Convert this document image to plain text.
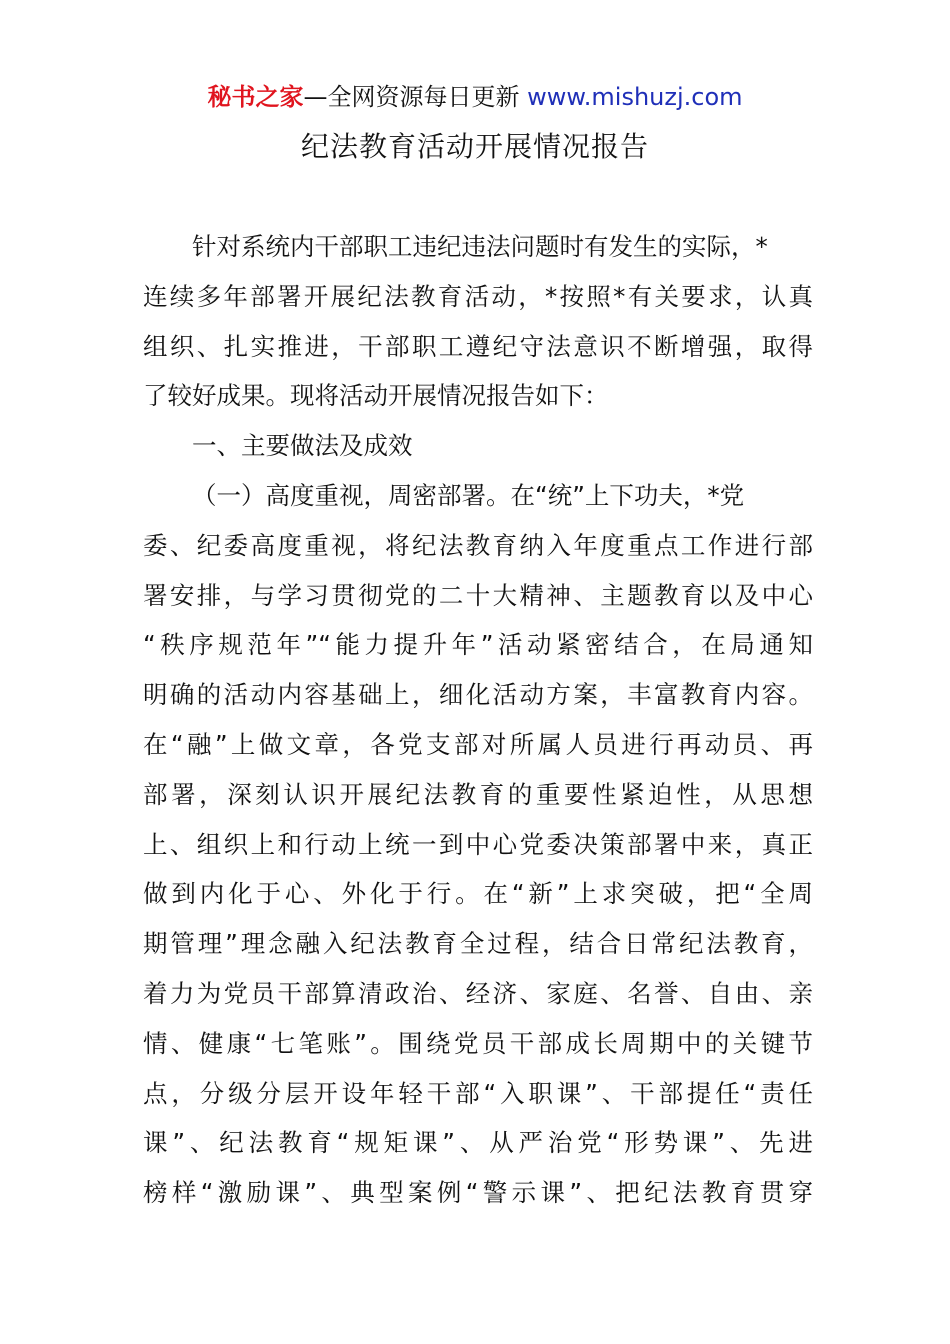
秘书之家—全网资源每日更新 www.mishuzj.com
纪法教育活动开展情况报告
针对系统内干部职工违纪违法问题时有发生的实际，*
连续多年部署开展纪法教育活动，*按照*有关要求，认真
组织、扎实推进，干部职工遵纪守法意识不断增强，取得
了较好成果。现将活动开展情况报告如下：
一、主要做法及成效
（一）高度重视，周密部署。在“统”上下功夫，*党
委、纪委高度重视，将纪法教育纳入年度重点工作进行部
署安排，与学习贯彻党的二十大精神、主题教育以及中心
“秩序规范年”“能力提升年”活动紧密结合，在局通知
明确的活动内容基础上，细化活动方案，丰富教育内容。
在“融”上做文章，各党支部对所属人员进行再动员、再
部署，深刻认识开展纪法教育的重要性紧迫性，从思想
上、组织上和行动上统一到中心党委决策部署中来，真正
做到内化于心、外化于行。在“新”上求突破，把“全周
期管理”理念融入纪法教育全过程，结合日常纪法教育，
着力为党员干部算清政治、经济、家庭、名誉、自由、亲
情、健康“七笔账”。围绕党员干部成长周期中的关键节
点，分级分层开设年轻干部“入职课”、干部提任“责任
课”、纪法教育“规矩课”、从严治党“形势课”、先进
榜样“激励课”、典型案例“警示课”、把纪法教育贯穿
